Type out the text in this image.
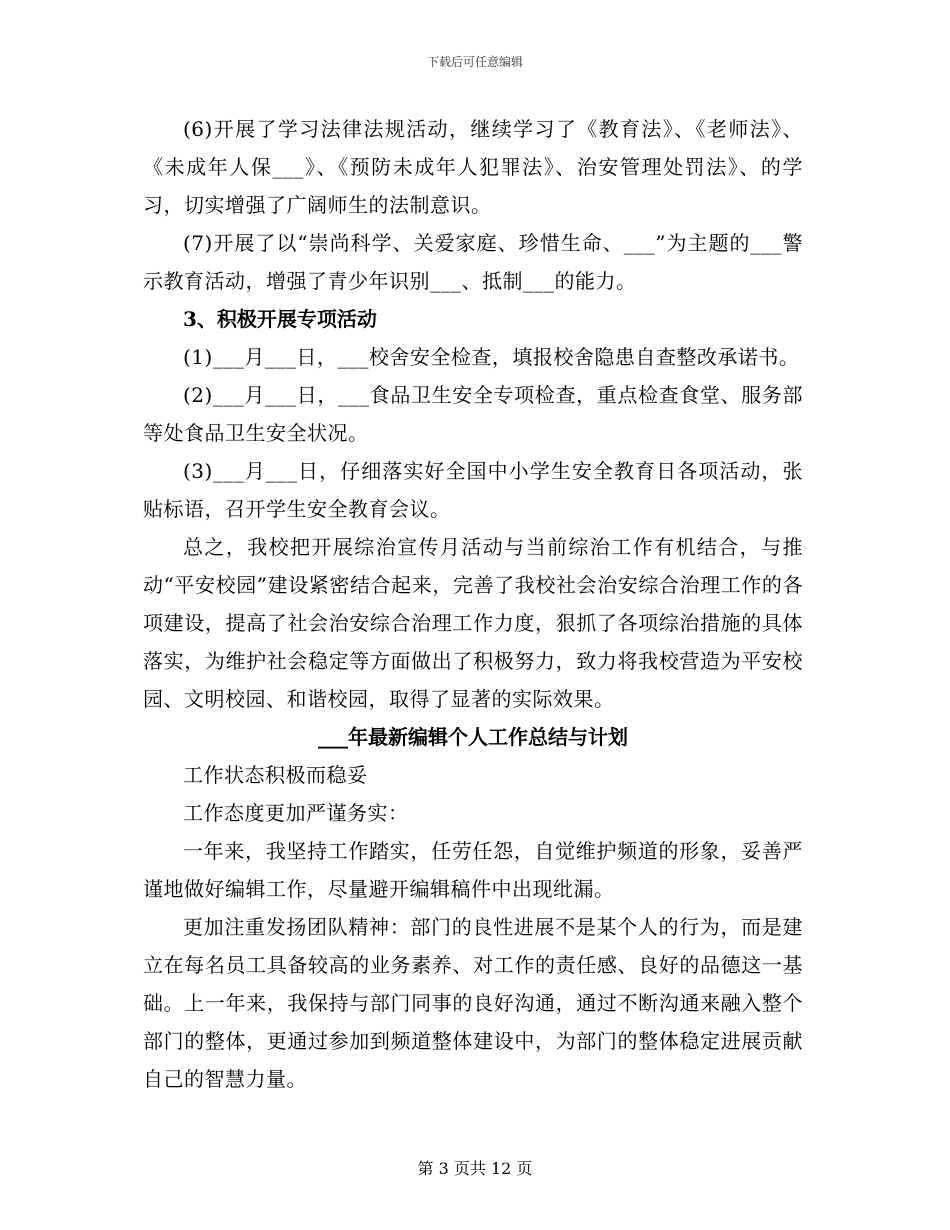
下载后可任意编辑

(6)开展了学习法律法规活动，继续学习了《教育法》、《老师法》、《未成年人保___》、《预防未成年人犯罪法》、治安管理处罚法》、的学习，切实增强了广阔师生的法制意识。

(7)开展了以“崇尚科学、关爱家庭、珍惜生命、___”为主题的___警示教育活动，增强了青少年识别___、抵制___的能力。

3、积极开展专项活动

(1)___月___日，___校舍安全检查，填报校舍隐患自查整改承诺书。

(2)___月___日，___食品卫生安全专项检查，重点检查食堂、服务部等处食品卫生安全状况。

(3)___月___日，仔细落实好全国中小学生安全教育日各项活动，张贴标语，召开学生安全教育会议。

总之，我校把开展综治宣传月活动与当前综治工作有机结合，与推动“平安校园”建设紧密结合起来，完善了我校社会治安综合治理工作的各项建设，提高了社会治安综合治理工作力度，狠抓了各项综治措施的具体落实，为维护社会稳定等方面做出了积极努力，致力将我校营造为平安校园、文明校园、和谐校园，取得了显著的实际效果。

___年最新编辑个人工作总结与计划

工作状态积极而稳妥

工作态度更加严谨务实：

一年来，我坚持工作踏实，任劳任怨，自觉维护频道的形象，妥善严谨地做好编辑工作，尽量避开编辑稿件中出现纰漏。

更加注重发扬团队精神：部门的良性进展不是某个人的行为，而是建立在每名员工具备较高的业务素养、对工作的责任感、良好的品德这一基础。上一年来，我保持与部门同事的良好沟通，通过不断沟通来融入整个部门的整体，更通过参加到频道整体建设中，为部门的整体稳定进展贡献自己的智慧力量。

第 3 页共 12 页
